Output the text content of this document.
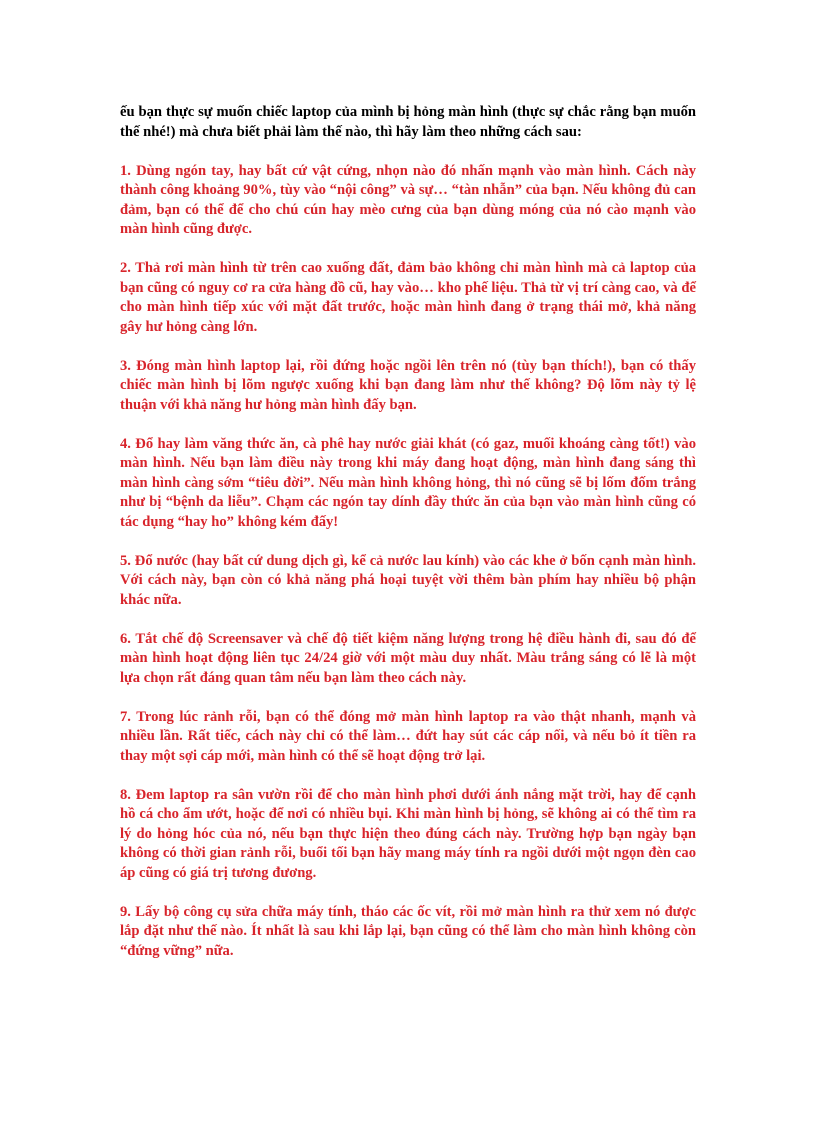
ếu bạn thực sự muốn chiếc laptop của mình bị hỏng màn hình (thực sự chắc rằng bạn muốn thế nhé!) mà chưa biết phải làm thế nào, thì hãy làm theo những cách sau:

1. Dùng ngón tay, hay bất cứ vật cứng, nhọn nào đó nhấn mạnh vào màn hình. Cách này thành công khoảng 90%, tùy vào “nội công” và sự… “tàn nhẫn” của bạn. Nếu không đủ can đảm, bạn có thể để cho chú cún hay mèo cưng của bạn dùng móng của nó cào mạnh vào màn hình cũng được.

2. Thả rơi màn hình từ trên cao xuống đất, đảm bảo không chỉ màn hình mà cả laptop của bạn cũng có nguy cơ ra cửa hàng đồ cũ, hay vào… kho phế liệu. Thả từ vị trí càng cao, và để cho màn hình tiếp xúc với mặt đất trước, hoặc màn hình đang ở trạng thái mở, khả năng gây hư hỏng càng lớn.

3. Đóng màn hình laptop lại, rồi đứng hoặc ngồi lên trên nó (tùy bạn thích!), bạn có thấy chiếc màn hình bị lõm ngược xuống khi bạn đang làm như thế không? Độ lõm này tỷ lệ thuận với khả năng hư hỏng màn hình đấy bạn.

4. Đổ hay làm văng thức ăn, cà phê hay nước giải khát (có gaz, muối khoáng càng tốt!) vào màn hình. Nếu bạn làm điều này trong khi máy đang hoạt động, màn hình đang sáng thì màn hình càng sớm “tiêu đời”. Nếu màn hình không hỏng, thì nó cũng sẽ bị lốm đốm trắng như bị “bệnh da liễu”. Chạm các ngón tay dính đầy thức ăn của bạn vào màn hình cũng có tác dụng “hay ho” không kém đấy!

5. Đổ nước (hay bất cứ dung dịch gì, kể cả nước lau kính) vào các khe ở bốn cạnh màn hình. Với cách này, bạn còn có khả năng phá hoại tuyệt vời thêm bàn phím hay nhiều bộ phận khác nữa.

6. Tắt chế độ Screensaver và chế độ tiết kiệm năng lượng trong hệ điều hành đi, sau đó để màn hình hoạt động liên tục 24/24 giờ với một màu duy nhất. Màu trắng sáng có lẽ là một lựa chọn rất đáng quan tâm nếu bạn làm theo cách này.

7. Trong lúc rảnh rỗi, bạn có thể đóng mở màn hình laptop ra vào thật nhanh, mạnh và nhiều lần. Rất tiếc, cách này chỉ có thể làm… đứt hay sút các cáp nối, và nếu bỏ ít tiền ra thay một sợi cáp mới, màn hình có thể sẽ hoạt động trở lại.

8. Đem laptop ra sân vườn rồi để cho màn hình phơi dưới ánh nắng mặt trời, hay để cạnh hồ cá cho ẩm ướt, hoặc để nơi có nhiều bụi. Khi màn hình bị hỏng, sẽ không ai có thể tìm ra lý do hỏng hóc của nó, nếu bạn thực hiện theo đúng cách này. Trường hợp bạn ngày bạn không có thời gian rảnh rỗi, buổi tối bạn hãy mang máy tính ra ngồi dưới một ngọn đèn cao áp cũng có giá trị tương đương.

9. Lấy bộ công cụ sửa chữa máy tính, tháo các ốc vít, rồi mở màn hình ra thử xem nó được lắp đặt như thế nào. Ít nhất là sau khi lắp lại, bạn cũng có thể làm cho màn hình không còn “đứng vững” nữa.
